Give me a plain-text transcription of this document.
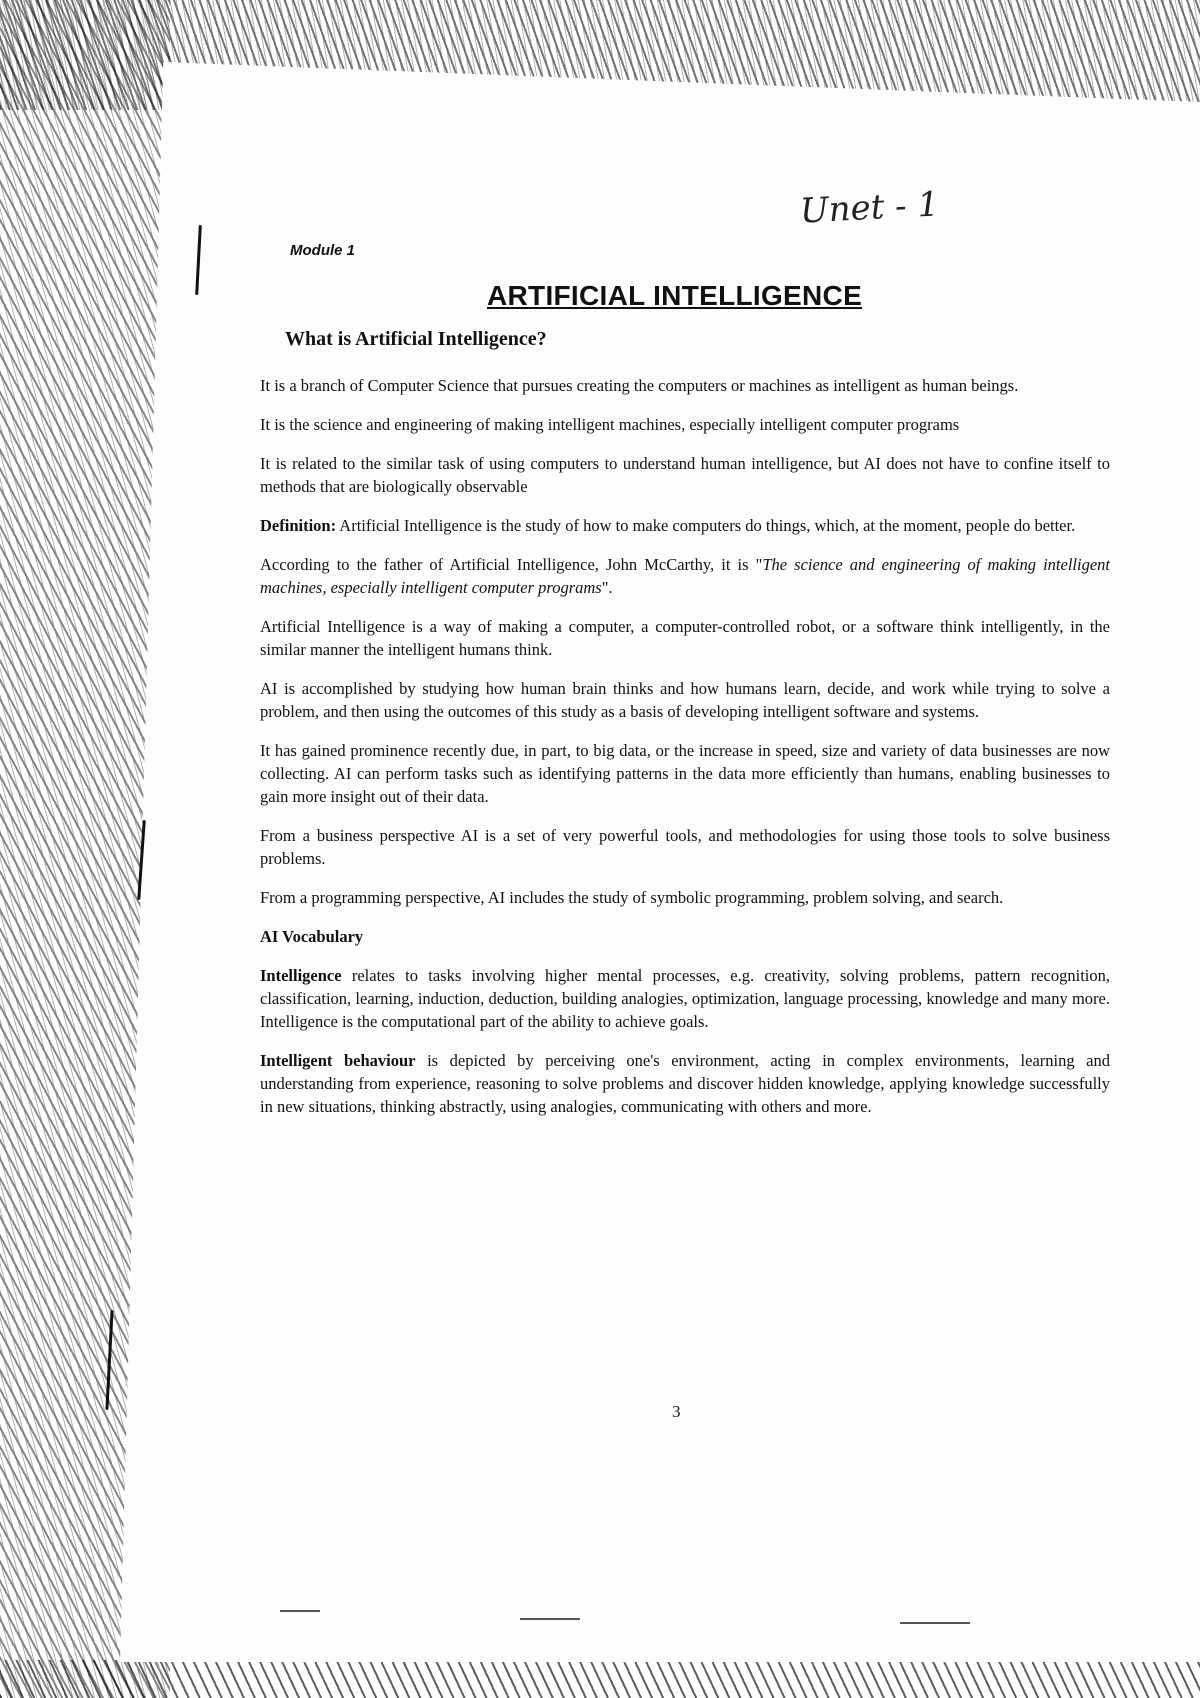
Unet - 1
Module 1
ARTIFICIAL INTELLIGENCE
What is Artificial Intelligence?

It is a branch of Computer Science that pursues creating the computers or machines as intelligent as human beings.

It is the science and engineering of making intelligent machines, especially intelligent computer programs

It is related to the similar task of using computers to understand human intelligence, but AI does not have to confine itself to methods that are biologically observable

Definition: Artificial Intelligence is the study of how to make computers do things, which, at the moment, people do better.

According to the father of Artificial Intelligence, John McCarthy, it is "The science and engineering of making intelligent machines, especially intelligent computer programs".

Artificial Intelligence is a way of making a computer, a computer-controlled robot, or a software think intelligently, in the similar manner the intelligent humans think.

AI is accomplished by studying how human brain thinks and how humans learn, decide, and work while trying to solve a problem, and then using the outcomes of this study as a basis of developing intelligent software and systems.

It has gained prominence recently due, in part, to big data, or the increase in speed, size and variety of data businesses are now collecting. AI can perform tasks such as identifying patterns in the data more efficiently than humans, enabling businesses to gain more insight out of their data.

From a business perspective AI is a set of very powerful tools, and methodologies for using those tools to solve business problems.

From a programming perspective, AI includes the study of symbolic programming, problem solving, and search.

AI Vocabulary

Intelligence relates to tasks involving higher mental processes, e.g. creativity, solving problems, pattern recognition, classification, learning, induction, deduction, building analogies, optimization, language processing, knowledge and many more. Intelligence is the computational part of the ability to achieve goals.

Intelligent behaviour is depicted by perceiving one's environment, acting in complex environments, learning and understanding from experience, reasoning to solve problems and discover hidden knowledge, applying knowledge successfully in new situations, thinking abstractly, using analogies, communicating with others and more.

3
